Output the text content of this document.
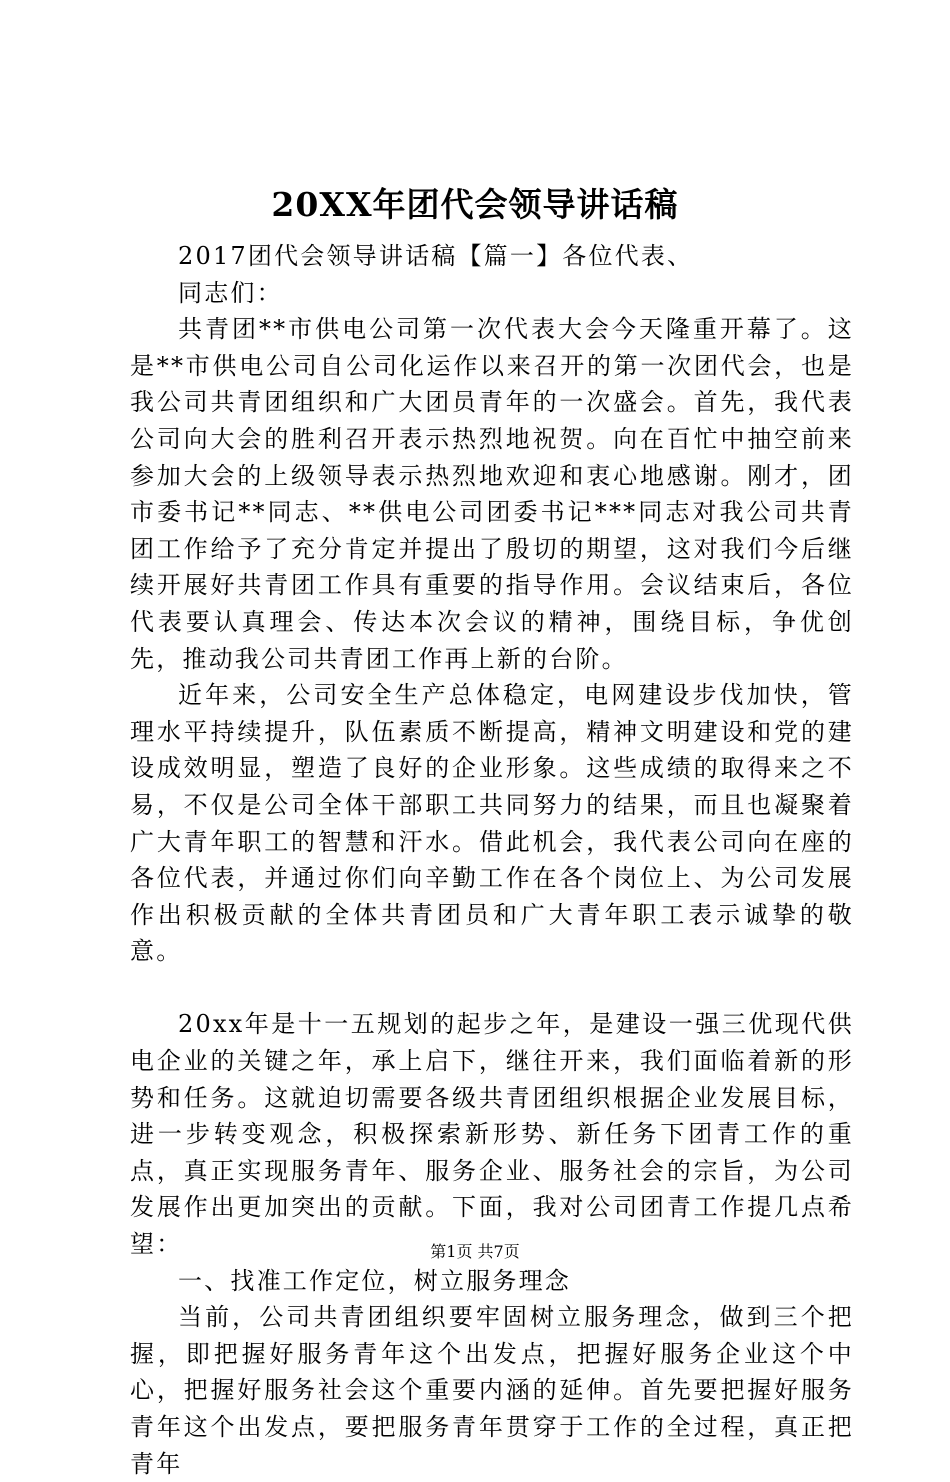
20XX年团代会领导讲话稿

2017团代会领导讲话稿【篇一】各位代表、

同志们：

共青团**市供电公司第一次代表大会今天隆重开幕了。这是**市供电公司自公司化运作以来召开的第一次团代会，也是我公司共青团组织和广大团员青年的一次盛会。首先，我代表公司向大会的胜利召开表示热烈地祝贺。向在百忙中抽空前来参加大会的上级领导表示热烈地欢迎和衷心地感谢。刚才，团市委书记**同志、**供电公司团委书记***同志对我公司共青团工作给予了充分肯定并提出了殷切的期望，这对我们今后继续开展好共青团工作具有重要的指导作用。会议结束后，各位代表要认真理会、传达本次会议的精神，围绕目标，争优创先，推动我公司共青团工作再上新的台阶。

近年来，公司安全生产总体稳定，电网建设步伐加快，管理水平持续提升，队伍素质不断提高，精神文明建设和党的建设成效明显，塑造了良好的企业形象。这些成绩的取得来之不易，不仅是公司全体干部职工共同努力的结果，而且也凝聚着广大青年职工的智慧和汗水。借此机会，我代表公司向在座的各位代表，并通过你们向辛勤工作在各个岗位上、为公司发展作出积极贡献的全体共青团员和广大青年职工表示诚挚的敬意。

20xx年是十一五规划的起步之年，是建设一强三优现代供电企业的关键之年，承上启下，继往开来，我们面临着新的形势和任务。这就迫切需要各级共青团组织根据企业发展目标，进一步转变观念，积极探索新形势、新任务下团青工作的重点，真正实现服务青年、服务企业、服务社会的宗旨，为公司发展作出更加突出的贡献。下面，我对公司团青工作提几点希望：

一、找准工作定位，树立服务理念

当前，公司共青团组织要牢固树立服务理念，做到三个把握，即把握好服务青年这个出发点，把握好服务企业这个中心，把握好服务社会这个重要内涵的延伸。首先要把握好服务青年这个出发点，要把服务青年贯穿于工作的全过程，真正把青年

第1页 共7页
